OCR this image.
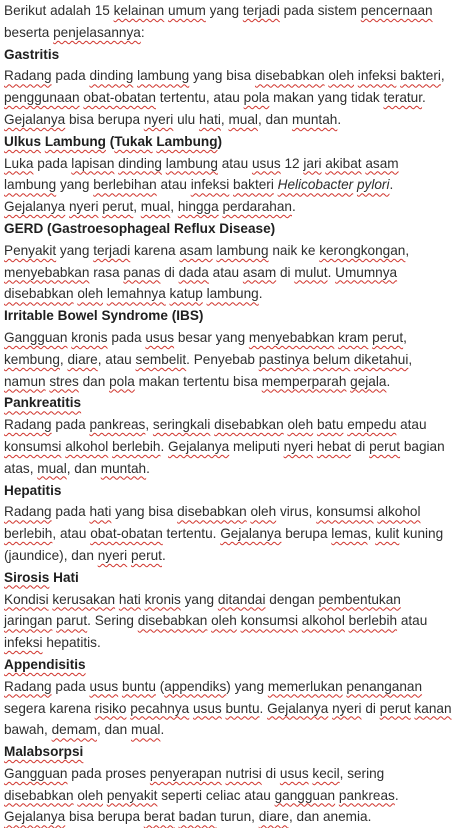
Berikut adalah 15 kelainan umum yang terjadi pada sistem pencernaan beserta penjelasannya:

Gastritis

Radang pada dinding lambung yang bisa disebabkan oleh infeksi bakteri, penggunaan obat-obatan tertentu, atau pola makan yang tidak teratur. Gejalanya bisa berupa nyeri ulu hati, mual, dan muntah.

Ulkus Lambung (Tukak Lambung)

Luka pada lapisan dinding lambung atau usus 12 jari akibat asam lambung yang berlebihan atau infeksi bakteri Helicobacter pylori. Gejalanya nyeri perut, mual, hingga perdarahan.

GERD (Gastroesophageal Reflux Disease)

Penyakit yang terjadi karena asam lambung naik ke kerongkongan, menyebabkan rasa panas di dada atau asam di mulut. Umumnya disebabkan oleh lemahnya katup lambung.

Irritable Bowel Syndrome (IBS)

Gangguan kronis pada usus besar yang menyebabkan kram perut, kembung, diare, atau sembelit. Penyebab pastinya belum diketahui, namun stres dan pola makan tertentu bisa memperparah gejala.

Pankreatitis

Radang pada pankreas, seringkali disebabkan oleh batu empedu atau konsumsi alkohol berlebih. Gejalanya meliputi nyeri hebat di perut bagian atas, mual, dan muntah.

Hepatitis

Radang pada hati yang bisa disebabkan oleh virus, konsumsi alkohol berlebih, atau obat-obatan tertentu. Gejalanya berupa lemas, kulit kuning (jaundice), dan nyeri perut.

Sirosis Hati

Kondisi kerusakan hati kronis yang ditandai dengan pembentukan jaringan parut. Sering disebabkan oleh konsumsi alkohol berlebih atau infeksi hepatitis.

Appendisitis

Radang pada usus buntu (appendiks) yang memerlukan penanganan segera karena risiko pecahnya usus buntu. Gejalanya nyeri di perut kanan bawah, demam, dan mual.

Malabsorpsi

Gangguan pada proses penyerapan nutrisi di usus kecil, sering disebabkan oleh penyakit seperti celiac atau gangguan pankreas. Gejalanya bisa berupa berat badan turun, diare, dan anemia.
